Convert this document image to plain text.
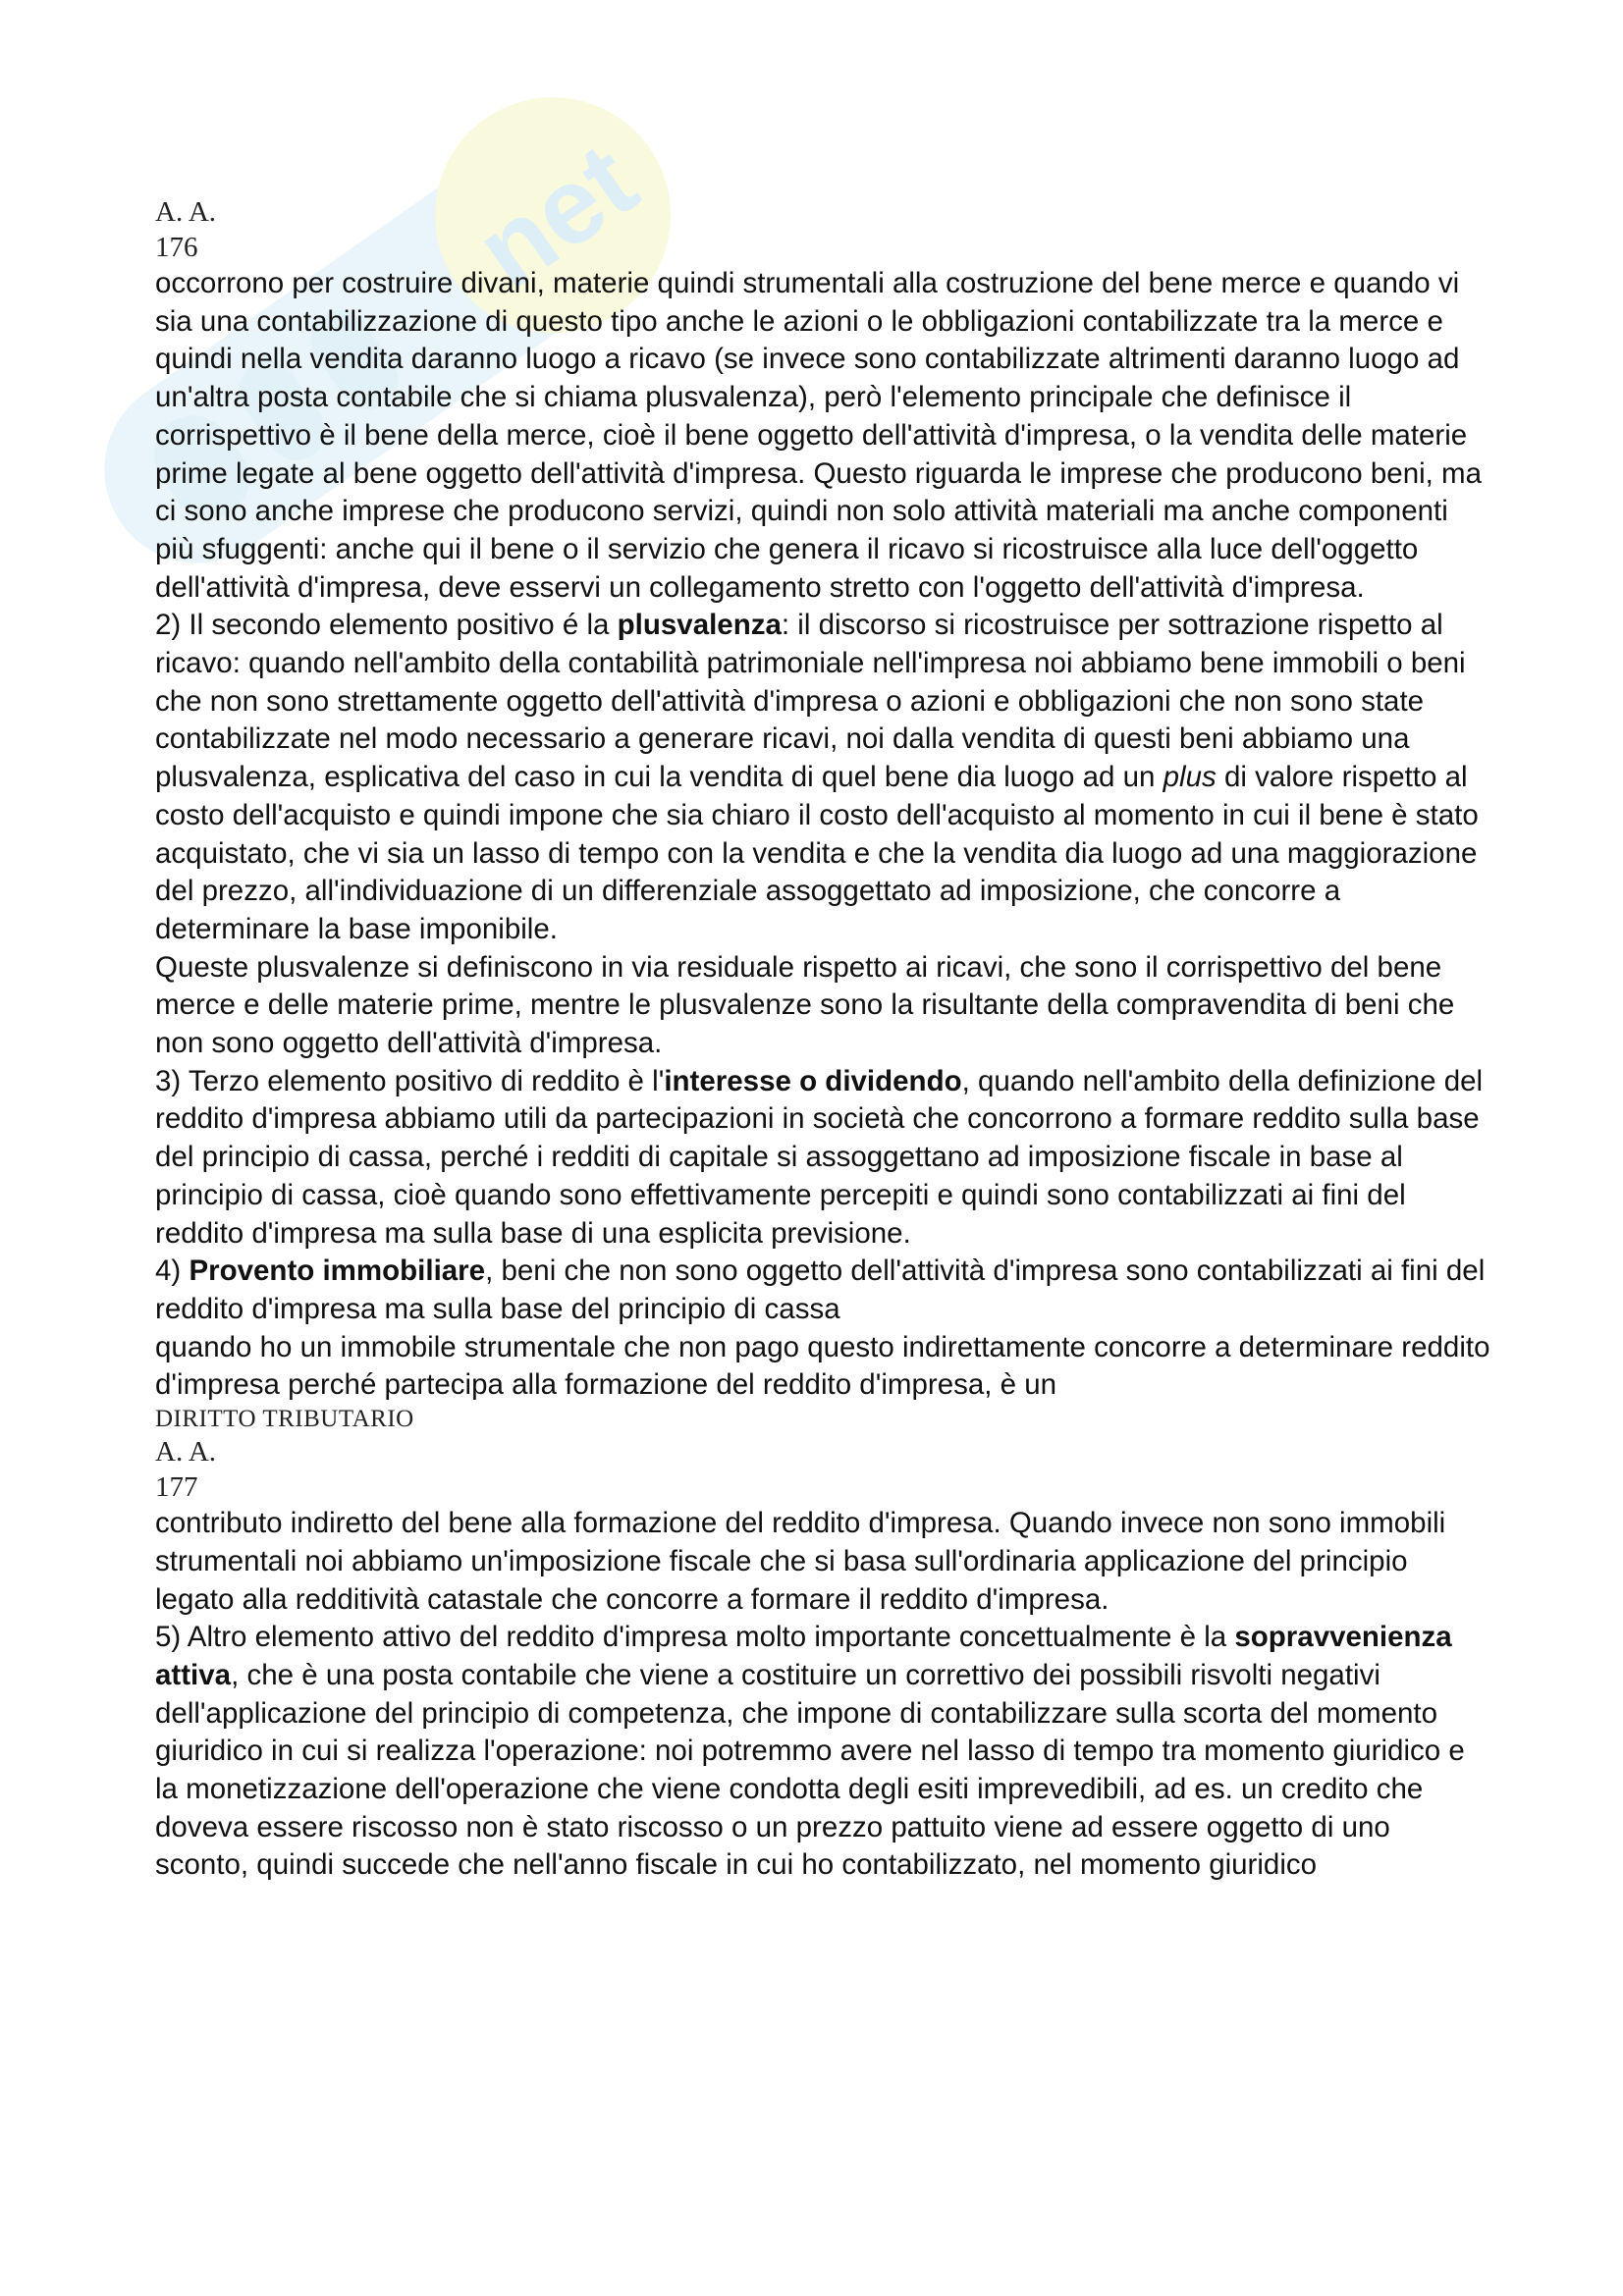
net

A. A.

176

occorrono per costruire divani, materie quindi strumentali alla costruzione del bene merce e quando vi sia una contabilizzazione di questo tipo anche le azioni o le obbligazioni contabilizzate tra la merce e quindi nella vendita daranno luogo a ricavo (se invece sono contabilizzate altrimenti daranno luogo ad un'altra posta contabile che si chiama plusvalenza), però l'elemento principale che definisce il corrispettivo è il bene della merce, cioè il bene oggetto dell'attività d'impresa, o la vendita delle materie prime legate al bene oggetto dell'attività d'impresa. Questo riguarda le imprese che producono beni, ma ci sono anche imprese che producono servizi, quindi non solo attività materiali ma anche componenti più sfuggenti: anche qui il bene o il servizio che genera il ricavo si ricostruisce alla luce dell'oggetto dell'attività d'impresa, deve esservi un collegamento stretto con l'oggetto dell'attività d'impresa.

2) Il secondo elemento positivo é la plusvalenza: il discorso si ricostruisce per sottrazione rispetto al ricavo: quando nell'ambito della contabilità patrimoniale nell'impresa noi abbiamo bene immobili o beni che non sono strettamente oggetto dell'attività d'impresa o azioni e obbligazioni che non sono state contabilizzate nel modo necessario a generare ricavi, noi dalla vendita di questi beni abbiamo una plusvalenza, esplicativa del caso in cui la vendita di quel bene dia luogo ad un plus di valore rispetto al costo dell'acquisto e quindi impone che sia chiaro il costo dell'acquisto al momento in cui il bene è stato acquistato, che vi sia un lasso di tempo con la vendita e che la vendita dia luogo ad una maggiorazione del prezzo, all'individuazione di un differenziale assoggettato ad imposizione, che concorre a determinare la base imponibile.

Queste plusvalenze si definiscono in via residuale rispetto ai ricavi, che sono il corrispettivo del bene merce e delle materie prime, mentre le plusvalenze sono la risultante della compravendita di beni che non sono oggetto dell'attività d'impresa.

3) Terzo elemento positivo di reddito è l'interesse o dividendo, quando nell'ambito della definizione del reddito d'impresa abbiamo utili da partecipazioni in società che concorrono a formare reddito sulla base del principio di cassa, perché i redditi di capitale si assoggettano ad imposizione fiscale in base al principio di cassa, cioè quando sono effettivamente percepiti e quindi sono contabilizzati ai fini del reddito d'impresa ma sulla base di una esplicita previsione.

4) Provento immobiliare, beni che non sono oggetto dell'attività d'impresa sono contabilizzati ai fini del reddito d'impresa ma sulla base del principio di cassa

quando ho un immobile strumentale che non pago questo indirettamente concorre a determinare reddito d'impresa perché partecipa alla formazione del reddito d'impresa, è un

DIRITTO TRIBUTARIO

A. A.

177

contributo indiretto del bene alla formazione del reddito d'impresa. Quando invece non sono immobili strumentali noi abbiamo un'imposizione fiscale che si basa sull'ordinaria applicazione del principio legato alla redditività catastale che concorre a formare il reddito d'impresa.

5) Altro elemento attivo del reddito d'impresa molto importante concettualmente è la sopravvenienza attiva, che è una posta contabile che viene a costituire un correttivo dei possibili risvolti negativi dell'applicazione del principio di competenza, che impone di contabilizzare sulla scorta del momento giuridico in cui si realizza l'operazione: noi potremmo avere nel lasso di tempo tra momento giuridico e la monetizzazione dell'operazione che viene condotta degli esiti imprevedibili, ad es. un credito che doveva essere riscosso non è stato riscosso o un prezzo pattuito viene ad essere oggetto di uno sconto, quindi succede che nell'anno fiscale in cui ho contabilizzato, nel momento giuridico
